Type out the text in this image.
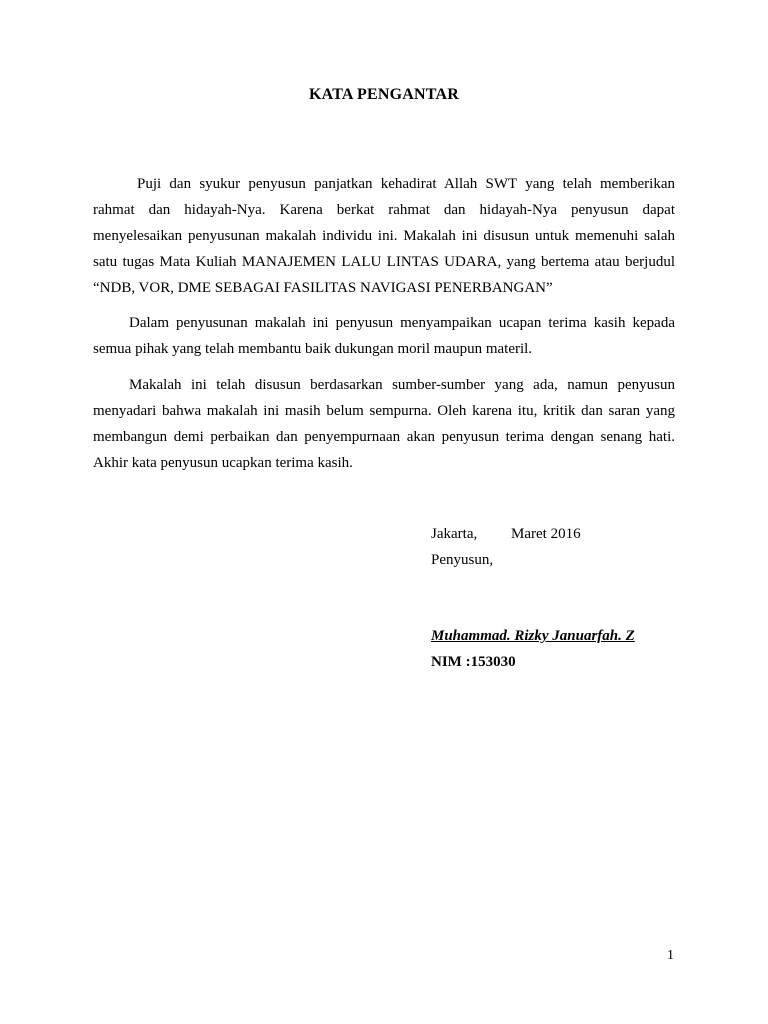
KATA PENGANTAR

Puji dan syukur penyusun panjatkan kehadirat Allah SWT yang telah memberikan rahmat dan hidayah-Nya. Karena berkat rahmat dan hidayah-Nya penyusun dapat menyelesaikan penyusunan makalah individu ini. Makalah ini disusun untuk memenuhi salah satu tugas Mata Kuliah MANAJEMEN LALU LINTAS UDARA, yang bertema atau berjudul “NDB, VOR, DME SEBAGAI FASILITAS NAVIGASI PENERBANGAN”

Dalam penyusunan makalah ini penyusun menyampaikan ucapan terima kasih kepada semua pihak yang telah membantu baik dukungan moril maupun materil.

Makalah ini telah disusun berdasarkan sumber-sumber yang ada, namun penyusun menyadari bahwa makalah ini masih belum sempurna. Oleh karena itu, kritik dan saran yang membangun demi perbaikan dan penyempurnaan akan penyusun terima dengan senang hati. Akhir kata penyusun ucapkan terima kasih.

Jakarta, Maret 2016
Penyusun,
Muhammad. Rizky Januarfah. Z
NIM :153030
1
